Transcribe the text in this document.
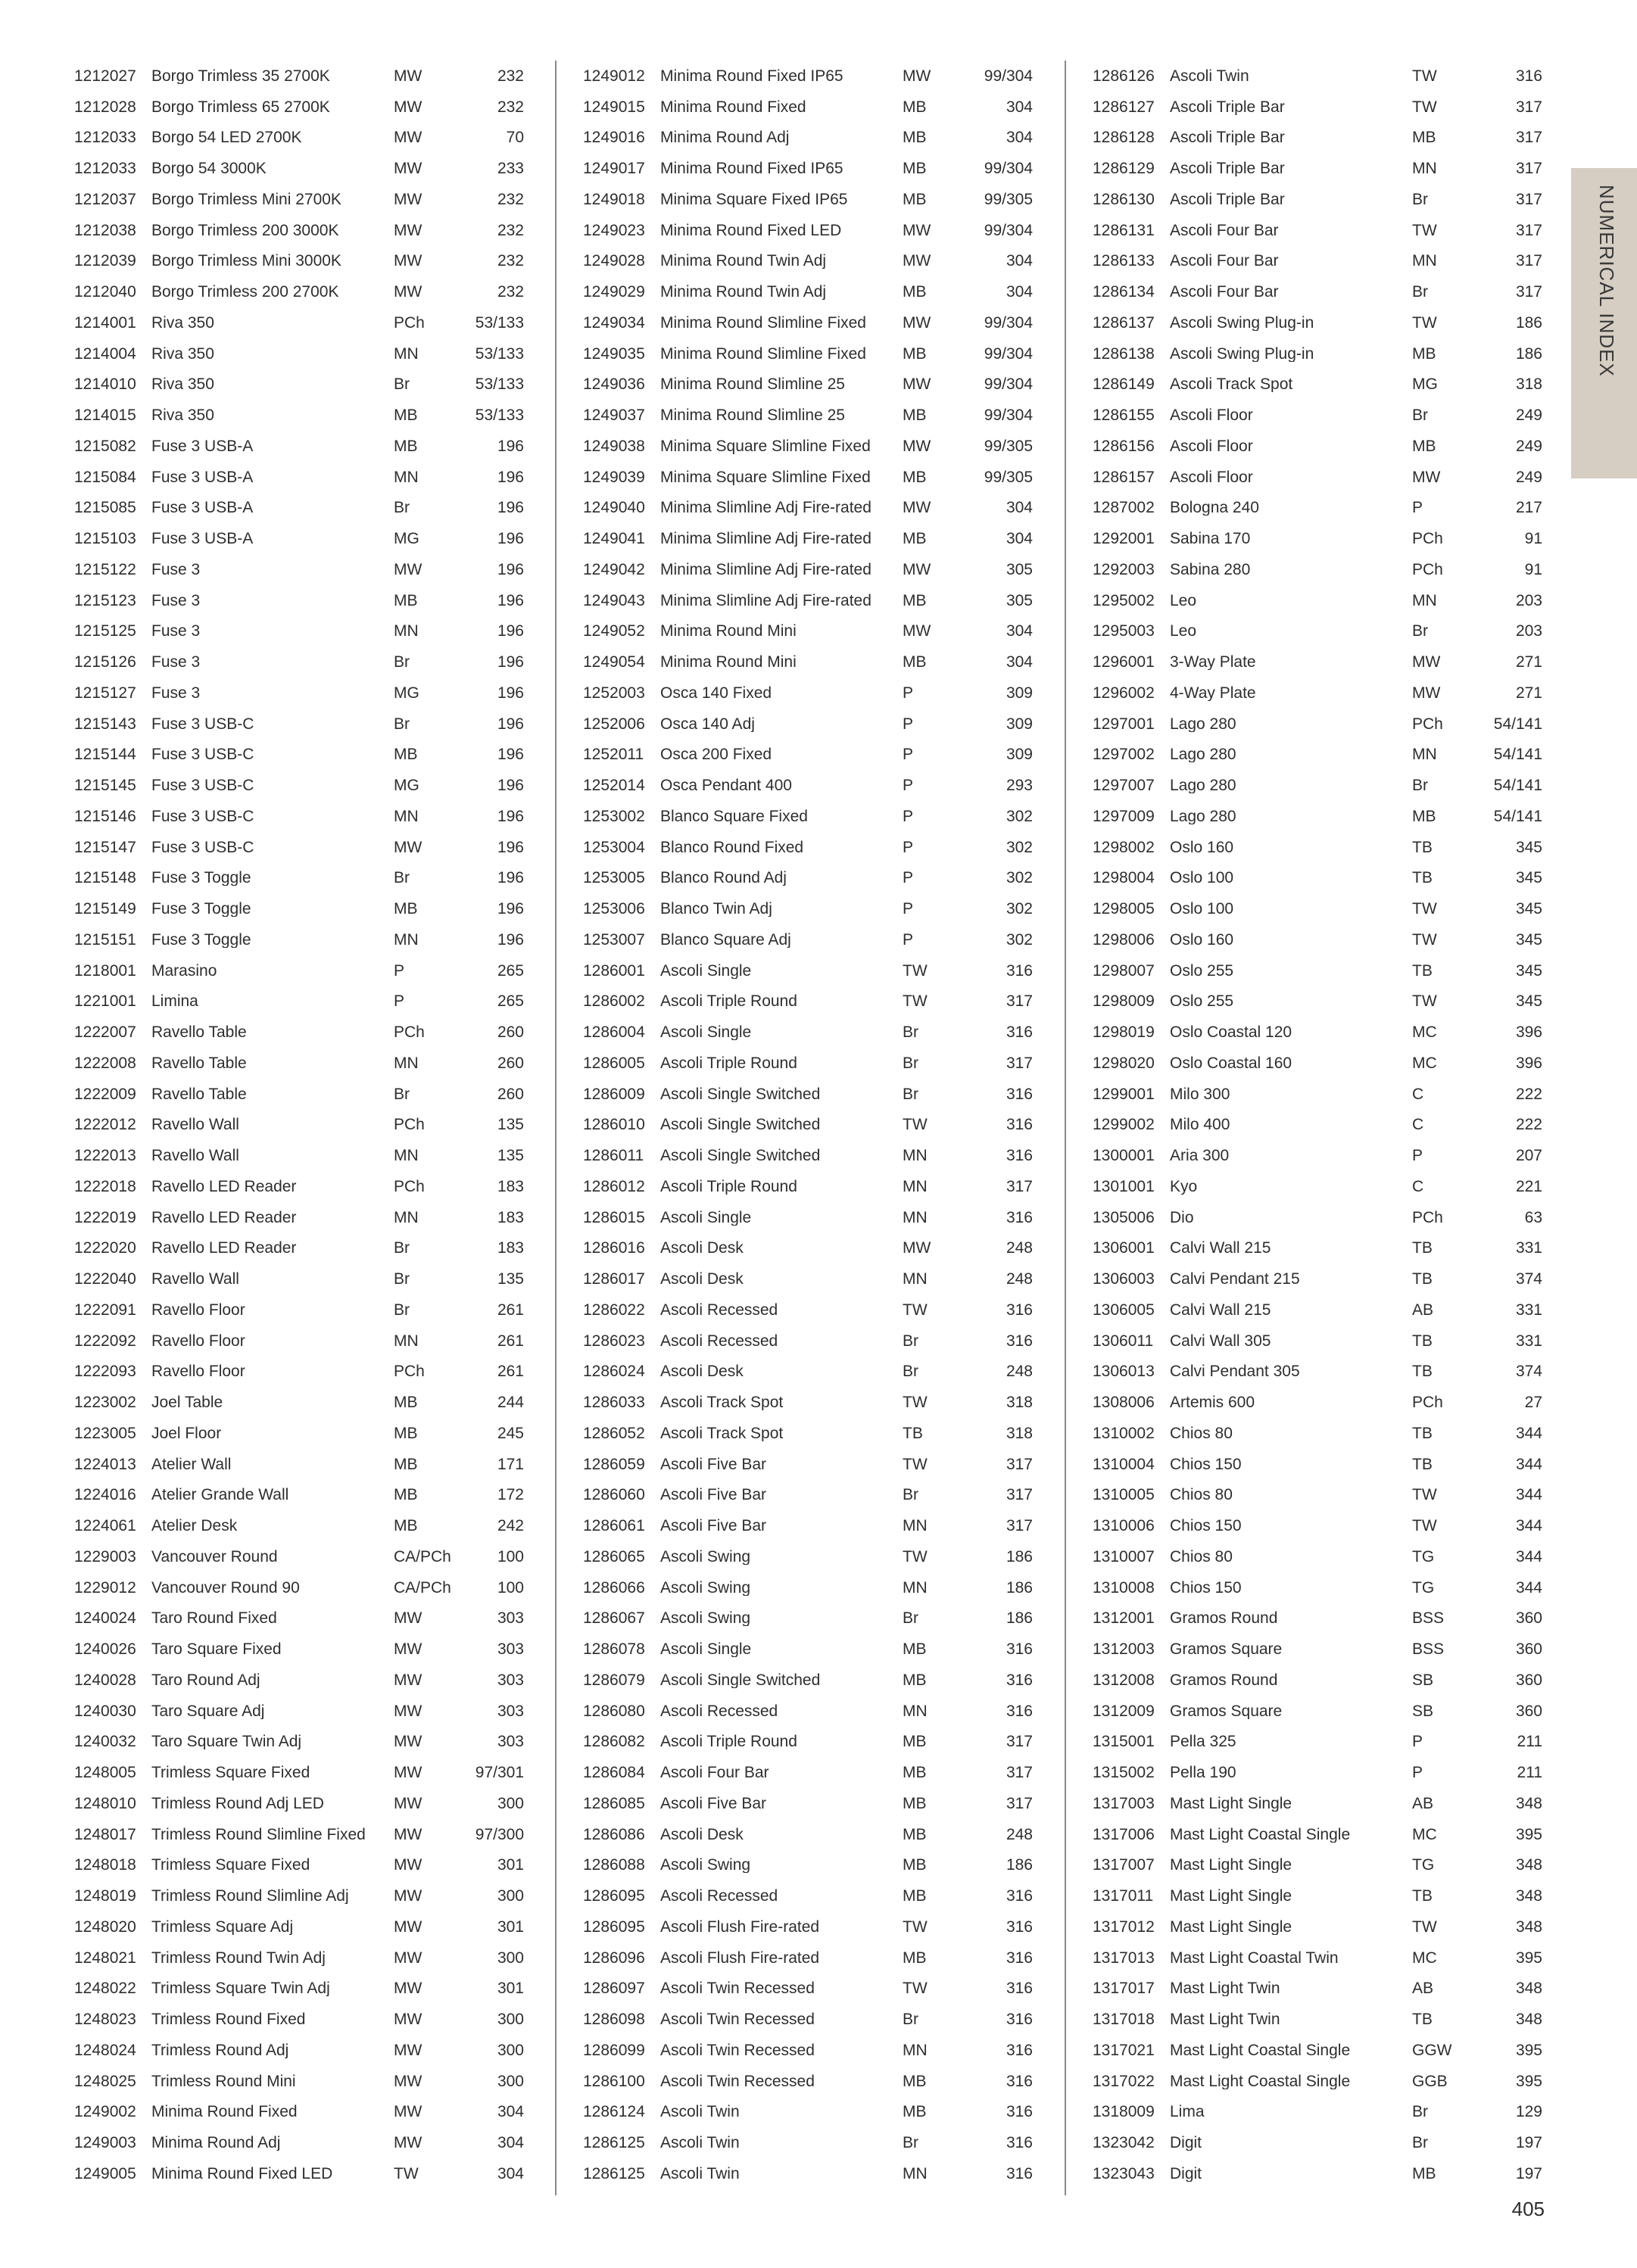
1212027 Borgo Trimless 35 2700K	MW	232
1212028 Borgo Trimless 65 2700K	MW	232
1212033 Borgo 54 LED 2700K	MW	70
1212033 Borgo 54 3000K	MW	233
1212037 Borgo Trimless Mini 2700K	MW	232
1212038 Borgo Trimless 200 3000K	MW	232
1212039 Borgo Trimless Mini 3000K	MW	232
1212040 Borgo Trimless 200 2700K	MW	232
1214001 Riva 350	PCh	53/133
1214004 Riva 350	MN	53/133
1214010 Riva 350	Br	53/133
1214015 Riva 350	MB	53/133
1215082 Fuse 3 USB-A	MB	196
1215084 Fuse 3 USB-A	MN	196
1215085 Fuse 3 USB-A	Br	196
1215103 Fuse 3 USB-A	MG	196
1215122 Fuse 3	MW	196
1215123 Fuse 3	MB	196
1215125 Fuse 3	MN	196
1215126 Fuse 3	Br	196
1215127 Fuse 3	MG	196
1215143 Fuse 3 USB-C	Br	196
1215144 Fuse 3 USB-C	MB	196
1215145 Fuse 3 USB-C	MG	196
1215146 Fuse 3 USB-C	MN	196
1215147 Fuse 3 USB-C	MW	196
1215148 Fuse 3 Toggle	Br	196
1215149 Fuse 3 Toggle	MB	196
1215151 Fuse 3 Toggle	MN	196
1218001 Marasino	P	265
1221001 Limina	P	265
1222007 Ravello Table	PCh	260
1222008 Ravello Table	MN	260
1222009 Ravello Table	Br	260
1222012 Ravello Wall	PCh	135
1222013 Ravello Wall	MN	135
1222018 Ravello LED Reader	PCh	183
1222019 Ravello LED Reader	MN	183
1222020 Ravello LED Reader	Br	183
1222040 Ravello Wall	Br	135
1222091 Ravello Floor	Br	261
1222092 Ravello Floor	MN	261
1222093 Ravello Floor	PCh	261
1223002 Joel Table	MB	244
1223005 Joel Floor	MB	245
1224013 Atelier Wall	MB	171
1224016 Atelier Grande Wall	MB	172
1224061 Atelier Desk	MB	242
1229003 Vancouver Round	CA/PCh	100
1229012 Vancouver Round 90	CA/PCh	100
1240024 Taro Round Fixed	MW	303
1240026 Taro Square Fixed	MW	303
1240028 Taro Round Adj	MW	303
1240030 Taro Square Adj	MW	303
1240032 Taro Square Twin Adj	MW	303
1248005 Trimless Square Fixed	MW	97/301
1248010 Trimless Round Adj LED	MW	300
1248017 Trimless Round Slimline Fixed	MW	97/300
1248018 Trimless Square Fixed	MW	301
1248019 Trimless Round Slimline Adj	MW	300
1248020 Trimless Square Adj	MW	301
1248021 Trimless Round Twin Adj	MW	300
1248022 Trimless Square Twin Adj	MW	301
1248023 Trimless Round Fixed	MW	300
1248024 Trimless Round Adj	MW	300
1248025 Trimless Round Mini	MW	300
1249002 Minima Round Fixed	MW	304
1249003 Minima Round Adj	MW	304
1249005 Minima Round Fixed LED	TW	304
1249012 Minima Round Fixed IP65	MW	99/304
1249015 Minima Round Fixed	MB	304
1249016 Minima Round Adj	MB	304
1249017 Minima Round Fixed IP65	MB	99/304
1249018 Minima Square Fixed IP65	MB	99/305
1249023 Minima Round Fixed LED	MW	99/304
1249028 Minima Round Twin Adj	MW	304
1249029 Minima Round Twin Adj	MB	304
1249034 Minima Round Slimline Fixed	MW	99/304
1249035 Minima Round Slimline Fixed	MB	99/304
1249036 Minima Round Slimline 25	MW	99/304
1249037 Minima Round Slimline 25	MB	99/304
1249038 Minima Square Slimline Fixed	MW	99/305
1249039 Minima Square Slimline Fixed	MB	99/305
1249040 Minima Slimline Adj Fire-rated	MW	304
1249041 Minima Slimline Adj Fire-rated	MB	304
1249042 Minima Slimline Adj Fire-rated	MW	305
1249043 Minima Slimline Adj Fire-rated	MB	305
1249052 Minima Round Mini	MW	304
1249054 Minima Round Mini	MB	304
1252003 Osca 140 Fixed	P	309
1252006 Osca 140 Adj	P	309
1252011	Osca 200 Fixed	P	309
1252014 Osca Pendant 400	P	293
1253002 Blanco Square Fixed	P	302
1253004 Blanco Round Fixed	P	302
1253005 Blanco Round Adj	P	302
1253006 Blanco Twin Adj	P	302
1253007 Blanco Square Adj	P	302
1286001 Ascoli Single	TW	316
1286002 Ascoli Triple Round	TW	317
1286004 Ascoli Single	Br	316
1286005 Ascoli Triple Round	Br	317
1286009 Ascoli Single Switched	Br	316
1286010 Ascoli Single Switched	TW	316
1286011	Ascoli Single Switched	MN	316
1286012 Ascoli Triple Round	MN	317
1286015 Ascoli Single	MN	316
1286016 Ascoli Desk	MW	248
1286017 Ascoli Desk	MN	248
1286022 Ascoli Recessed	TW	316
1286023 Ascoli Recessed	Br	316
1286024 Ascoli Desk	Br	248
1286033 Ascoli Track Spot	TW	318
1286052 Ascoli Track Spot	TB	318
1286059 Ascoli Five Bar	TW	317
1286060 Ascoli Five Bar	Br	317
1286061 Ascoli Five Bar	MN	317
1286065 Ascoli Swing	TW	186
1286066 Ascoli Swing	MN	186
1286067 Ascoli Swing	Br	186
1286078 Ascoli Single	MB	316
1286079 Ascoli Single Switched	MB	316
1286080 Ascoli Recessed	MN	316
1286082 Ascoli Triple Round	MB	317
1286084 Ascoli Four Bar	MB	317
1286085 Ascoli Five Bar	MB	317
1286086 Ascoli Desk	MB	248
1286088 Ascoli Swing	MB	186
1286095 Ascoli Recessed	MB	316
1286095 Ascoli Flush Fire-rated	TW	316
1286096 Ascoli Flush Fire-rated	MB	316
1286097 Ascoli Twin Recessed	TW	316
1286098 Ascoli Twin Recessed	Br	316
1286099 Ascoli Twin Recessed	MN	316
1286100 Ascoli Twin Recessed	MB	316
1286124 Ascoli Twin	MB	316
1286125 Ascoli Twin	Br	316
1286125 Ascoli Twin	MN	316
1286126 Ascoli Twin	TW	316
1286127 Ascoli Triple Bar	TW	317
1286128 Ascoli Triple Bar	MB	317
1286129 Ascoli Triple Bar	MN	317
1286130 Ascoli Triple Bar	Br	317
1286131 Ascoli Four Bar	TW	317
1286133 Ascoli Four Bar	MN	317
1286134 Ascoli Four Bar	Br	317
1286137 Ascoli Swing Plug-in	TW	186
1286138 Ascoli Swing Plug-in	MB	186
1286149 Ascoli Track Spot	MG	318
1286155 Ascoli Floor	Br	249
1286156 Ascoli Floor	MB	249
1286157 Ascoli Floor	MW	249
1287002 Bologna 240	P	217
1292001 Sabina 170	PCh	91
1292003 Sabina 280	PCh	91
1295002 Leo	MN	203
1295003 Leo	Br	203
1296001 3-Way Plate	MW	271
1296002 4-Way Plate	MW	271
1297001 Lago 280	PCh	54/141
1297002 Lago 280	MN	54/141
1297007 Lago 280	Br	54/141
1297009 Lago 280	MB	54/141
1298002 Oslo 160	TB	345
1298004 Oslo 100	TB	345
1298005 Oslo 100	TW	345
1298006 Oslo 160	TW	345
1298007 Oslo 255	TB	345
1298009 Oslo 255	TW	345
1298019 Oslo Coastal 120	MC	396
1298020 Oslo Coastal 160	MC	396
1299001 Milo 300	C	222
1299002 Milo 400	C	222
1300001 Aria 300	P	207
1301001 Kyo	C	221
1305006 Dio	PCh	63
1306001 Calvi Wall 215	TB	331
1306003 Calvi Pendant 215	TB	374
1306005 Calvi Wall 215	AB	331
1306011	Calvi Wall 305	TB	331
1306013 Calvi Pendant 305	TB	374
1308006 Artemis 600	PCh	27
1310002 Chios 80	TB	344
1310004 Chios 150	TB	344
1310005 Chios 80	TW	344
1310006 Chios 150	TW	344
1310007 Chios 80	TG	344
1310008 Chios 150	TG	344
1312001 Gramos Round	BSS	360
1312003 Gramos Square	BSS	360
1312008 Gramos Round	SB	360
1312009 Gramos Square	SB	360
1315001 Pella 325	P	211
1315002 Pella 190	P	211
1317003 Mast Light Single	AB	348
1317006 Mast Light Coastal Single	MC	395
1317007 Mast Light Single	TG	348
1317011	Mast Light Single	TB	348
1317012 Mast Light Single	TW	348
1317013 Mast Light Coastal Twin	MC	395
1317017 Mast Light Twin	AB	348
1317018 Mast Light Twin	TB	348
1317021 Mast Light Coastal Single	GGW	395
1317022 Mast Light Coastal Single	GGB	395
1318009 Lima	Br	129
1323042 Digit	Br	197
1323043 Digit	MB	197
NUMERICAL INDEX
405
